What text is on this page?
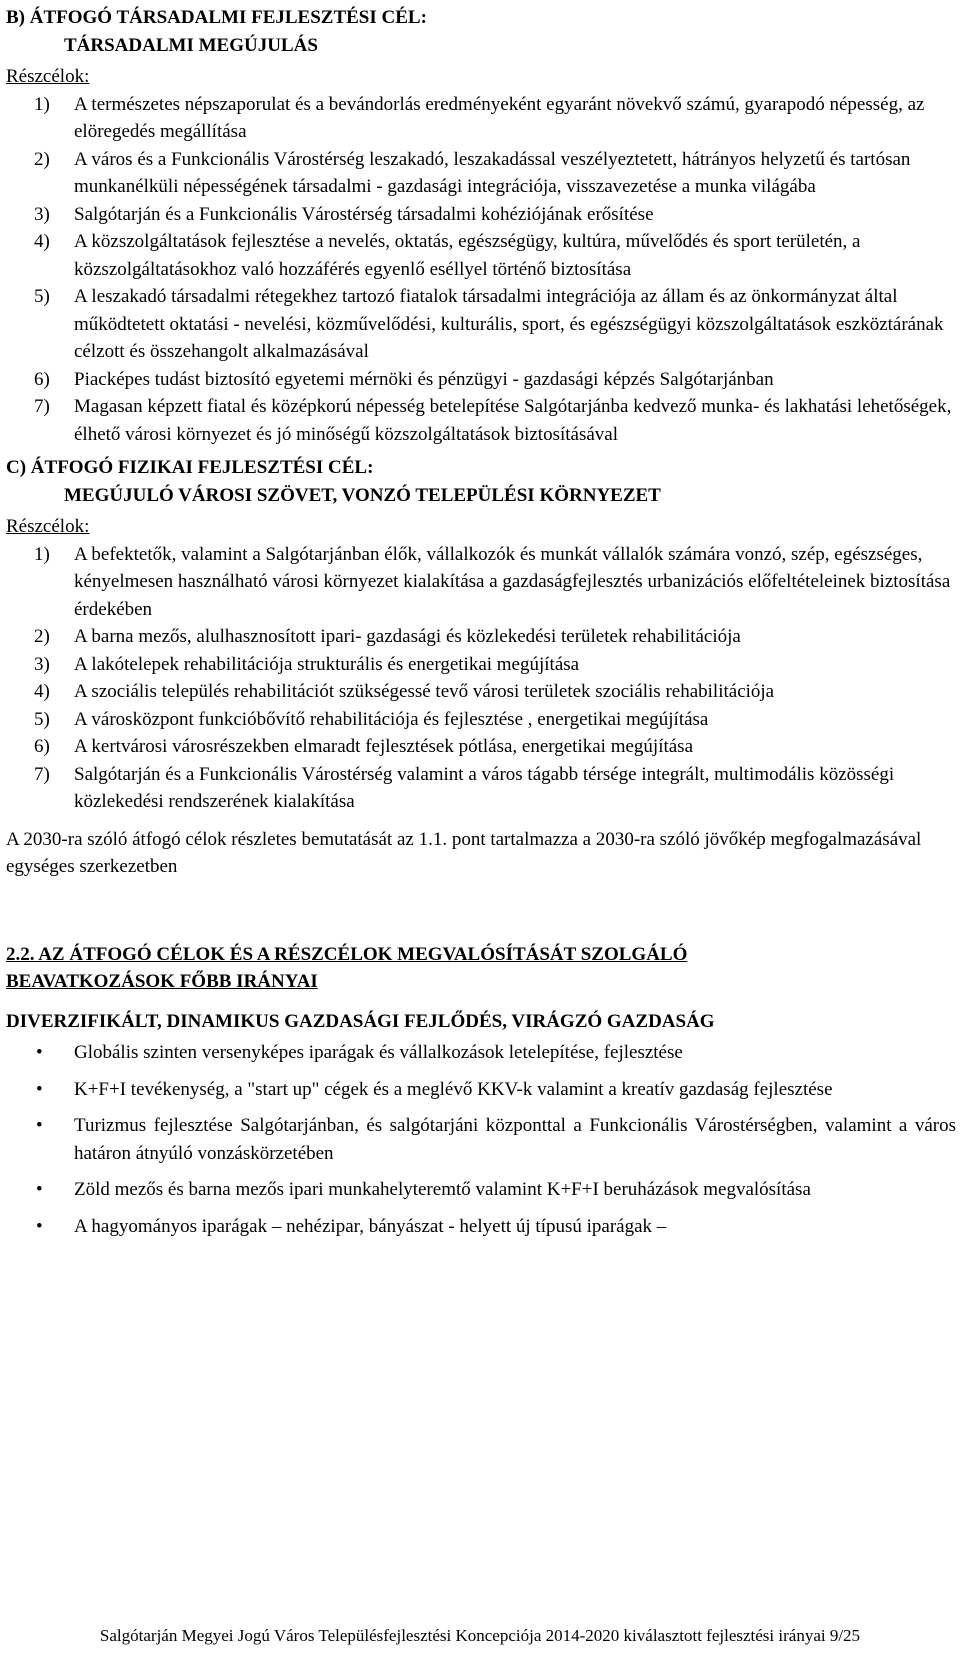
B) ÁTFOGÓ TÁRSADALMI FEJLESZTÉSI CÉL:
TÁRSADALMI MEGÚJULÁS
Részcélok:
1) A természetes népszaporulat és a bevándorlás eredményeként egyaránt növekvő számú, gyarapodó népesség, az elöregedés megállítása
2) A város és a Funkcionális Várostérség leszakadó, leszakadással veszélyeztetett, hátrányos helyzetű és tartósan munkanélküli népességének társadalmi - gazdasági integrációja, visszavezetése a munka világába
3) Salgótarján és a Funkcionális Várostérség társadalmi kohéziójának erősítése
4) A közszolgáltatások fejlesztése a nevelés, oktatás, egészségügy, kultúra, művelődés és sport területén, a közszolgáltatásokhoz való hozzáférés egyenlő eséllyel történő biztosítása
5) A leszakadó társadalmi rétegekhez tartozó fiatalok társadalmi integrációja az állam és az önkormányzat által működtetett oktatási - nevelési, közművelődési, kulturális, sport, és egészségügyi közszolgáltatások eszköztárának célzott és összehangolt alkalmazásával
6) Piacképes tudást biztosító egyetemi mérnöki és pénzügyi - gazdasági képzés Salgótarjánban
7) Magasan képzett fiatal és középkorú népesség betelepítése Salgótarjánba kedvező munka- és lakhatási lehetőségek, élhető városi környezet és jó minőségű közszolgáltatások biztosításával
C) ÁTFOGÓ FIZIKAI FEJLESZTÉSI CÉL:
MEGÚJULÓ VÁROSI SZÖVET, VONZÓ TELEPÜLÉSI KÖRNYEZET
Részcélok:
1) A befektetők, valamint a Salgótarjánban élők, vállalkozók és munkát vállalók számára vonzó, szép, egészséges, kényelmesen használható városi környezet kialakítása a gazdaságfejlesztés urbanizációs előfeltételeinek biztosítása érdekében
2) A barna mezős, alulhasznosított ipari- gazdasági és közlekedési területek rehabilitációja
3) A lakótelepek rehabilitációja strukturális és energetikai megújítása
4) A szociális település rehabilitációt szükségessé tevő városi területek szociális rehabilitációja
5) A városközpont funkcióbővítő rehabilitációja és fejlesztése , energetikai megújítása
6) A kertvárosi városrészekben elmaradt fejlesztések pótlása, energetikai megújítása
7) Salgótarján és a Funkcionális Várostérség valamint a város tágabb térsége integrált, multimodális közösségi közlekedési rendszerének kialakítása

A 2030-ra szóló átfogó célok részletes bemutatását az 1.1. pont tartalmazza a 2030-ra szóló jövőkép megfogalmazásával egységes szerkezetben

2.2. AZ ÁTFOGÓ CÉLOK ÉS A RÉSZCÉLOK MEGVALÓSÍTÁSÁT SZOLGÁLÓ
BEAVATKOZÁSOK FŐBB IRÁNYAI
DIVERZIFIKÁLT, DINAMIKUS GAZDASÁGI FEJLŐDÉS, VIRÁGZÓ GAZDASÁG
• Globális szinten versenyképes iparágak és vállalkozások letelepítése, fejlesztése
• K+F+I tevékenység, a "start up" cégek és a meglévő KKV-k valamint a kreatív gazdaság fejlesztése
• Turizmus fejlesztése Salgótarjánban, és salgótarjáni központtal a Funkcionális Várostérségben, valamint a város határon átnyúló vonzáskörzetében
• Zöld mezős és barna mezős ipari munkahelyteremtő valamint K+F+I beruházások megvalósítása
• A hagyományos iparágak – nehézipar, bányászat - helyett új típusú iparágak –
Salgótarján Megyei Jogú Város Településfejlesztési Koncepciója 2014-2020 kiválasztott fejlesztési irányai 9/25
